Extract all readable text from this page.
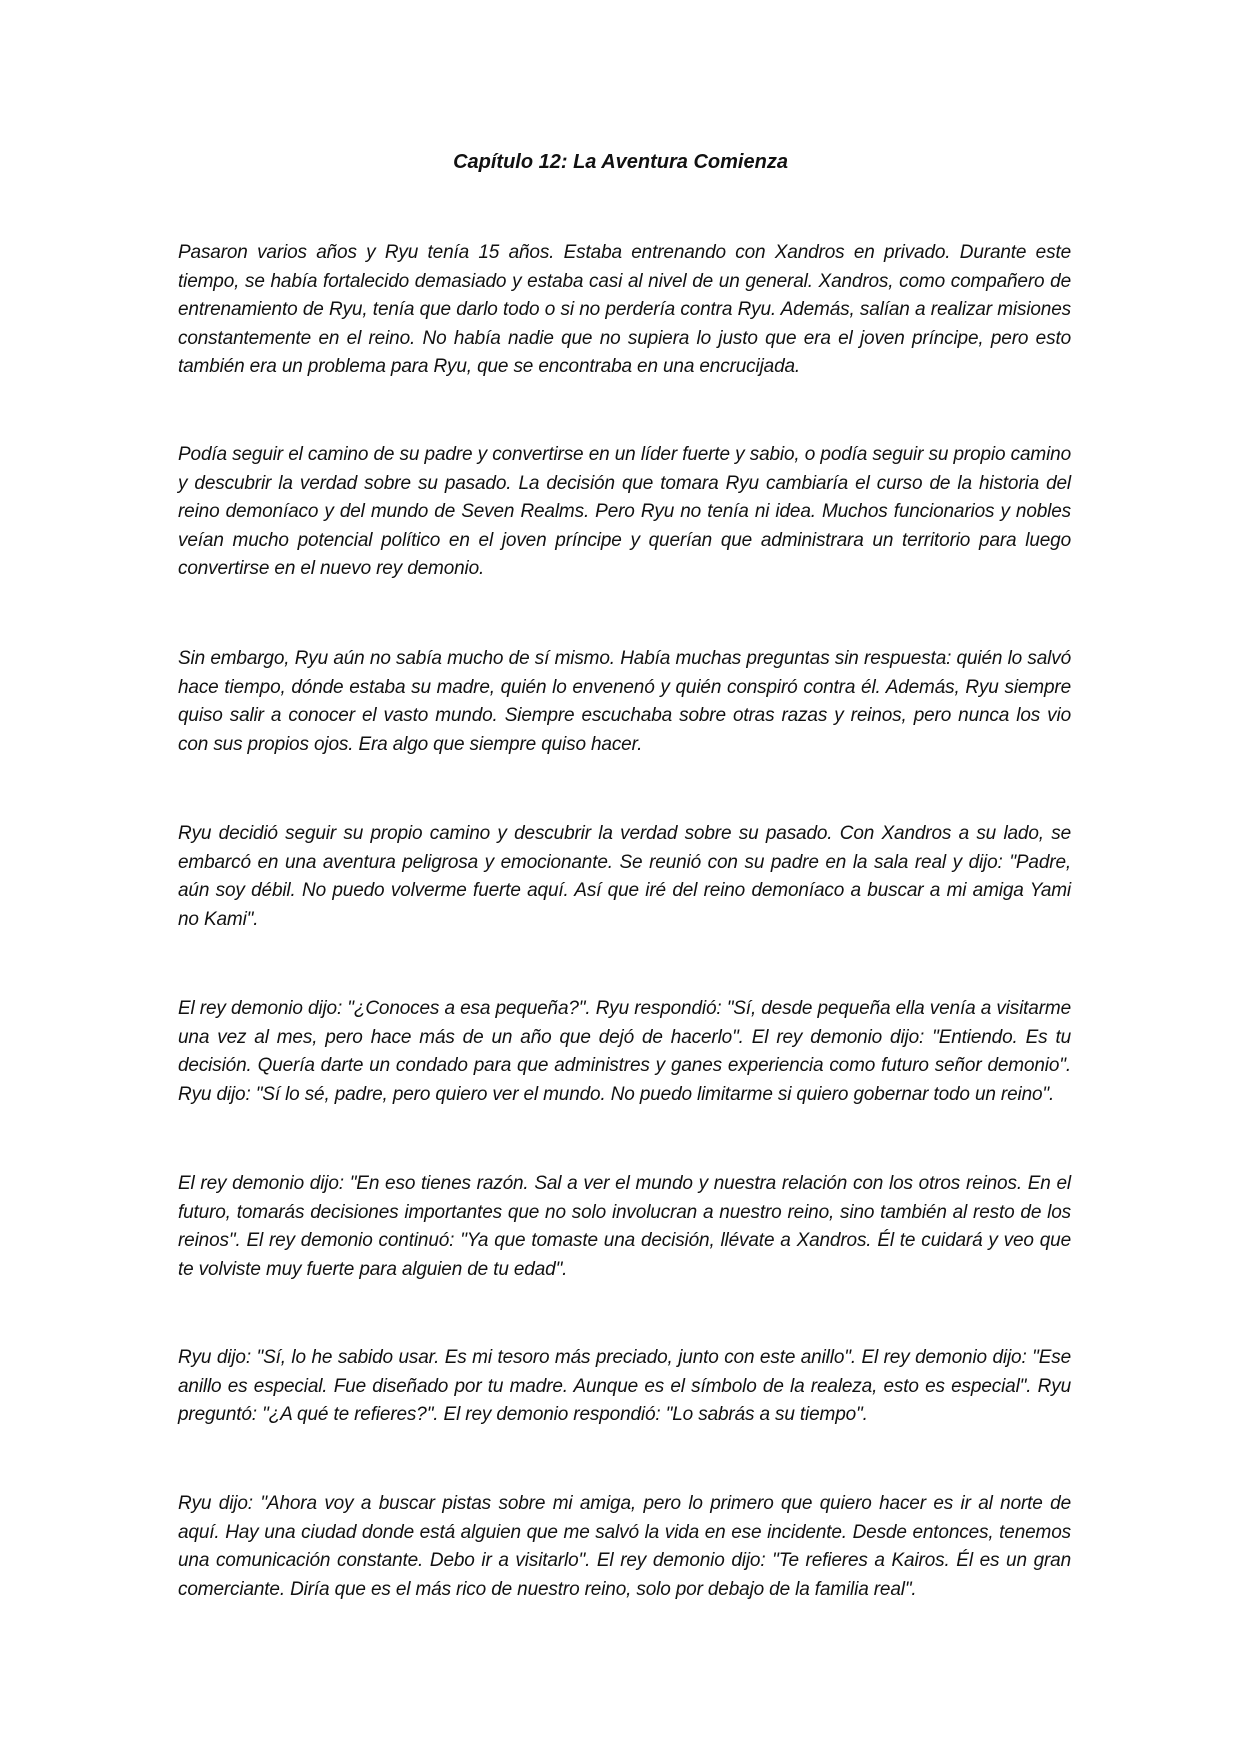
Capítulo 12: La Aventura Comienza

Pasaron varios años y Ryu tenía 15 años. Estaba entrenando con Xandros en privado. Durante este tiempo, se había fortalecido demasiado y estaba casi al nivel de un general. Xandros, como compañero de entrenamiento de Ryu, tenía que darlo todo o si no perdería contra Ryu. Además, salían a realizar misiones constantemente en el reino. No había nadie que no supiera lo justo que era el joven príncipe, pero esto también era un problema para Ryu, que se encontraba en una encrucijada.

Podía seguir el camino de su padre y convertirse en un líder fuerte y sabio, o podía seguir su propio camino y descubrir la verdad sobre su pasado. La decisión que tomara Ryu cambiaría el curso de la historia del reino demoníaco y del mundo de Seven Realms. Pero Ryu no tenía ni idea. Muchos funcionarios y nobles veían mucho potencial político en el joven príncipe y querían que administrara un territorio para luego convertirse en el nuevo rey demonio.

Sin embargo, Ryu aún no sabía mucho de sí mismo. Había muchas preguntas sin respuesta: quién lo salvó hace tiempo, dónde estaba su madre, quién lo envenenó y quién conspiró contra él. Además, Ryu siempre quiso salir a conocer el vasto mundo. Siempre escuchaba sobre otras razas y reinos, pero nunca los vio con sus propios ojos. Era algo que siempre quiso hacer.

Ryu decidió seguir su propio camino y descubrir la verdad sobre su pasado. Con Xandros a su lado, se embarcó en una aventura peligrosa y emocionante. Se reunió con su padre en la sala real y dijo: "Padre, aún soy débil. No puedo volverme fuerte aquí. Así que iré del reino demoníaco a buscar a mi amiga Yami no Kami".

El rey demonio dijo: "¿Conoces a esa pequeña?". Ryu respondió: "Sí, desde pequeña ella venía a visitarme una vez al mes, pero hace más de un año que dejó de hacerlo". El rey demonio dijo: "Entiendo. Es tu decisión. Quería darte un condado para que administres y ganes experiencia como futuro señor demonio". Ryu dijo: "Sí lo sé, padre, pero quiero ver el mundo. No puedo limitarme si quiero gobernar todo un reino".

El rey demonio dijo: "En eso tienes razón. Sal a ver el mundo y nuestra relación con los otros reinos. En el futuro, tomarás decisiones importantes que no solo involucran a nuestro reino, sino también al resto de los reinos". El rey demonio continuó: "Ya que tomaste una decisión, llévate a Xandros. Él te cuidará y veo que te volviste muy fuerte para alguien de tu edad".

Ryu dijo: "Sí, lo he sabido usar. Es mi tesoro más preciado, junto con este anillo". El rey demonio dijo: "Ese anillo es especial. Fue diseñado por tu madre. Aunque es el símbolo de la realeza, esto es especial". Ryu preguntó: "¿A qué te refieres?". El rey demonio respondió: "Lo sabrás a su tiempo".

Ryu dijo: "Ahora voy a buscar pistas sobre mi amiga, pero lo primero que quiero hacer es ir al norte de aquí. Hay una ciudad donde está alguien que me salvó la vida en ese incidente. Desde entonces, tenemos una comunicación constante. Debo ir a visitarlo". El rey demonio dijo: "Te refieres a Kairos. Él es un gran comerciante. Diría que es el más rico de nuestro reino, solo por debajo de la familia real".
